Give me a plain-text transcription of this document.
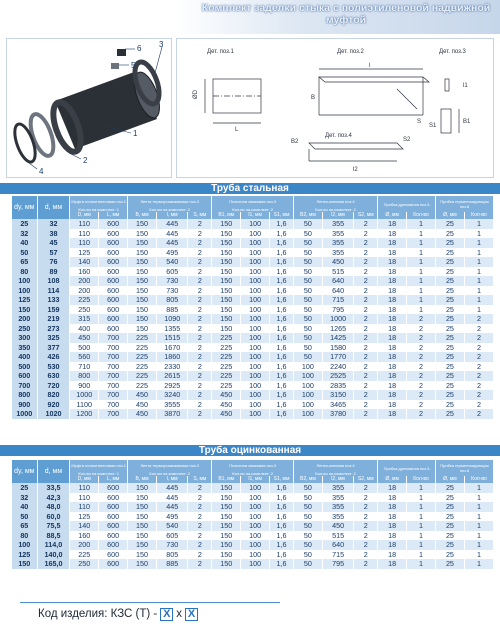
Комплект заделки стыка с полиэтиленовой надвижной муфтой
6
5
3
1
2
4
Дет. поз.1	Дет. поз.2	Дет. поз.3
Дет. поз.4
ØD
L
l
B
S
l1
S1
B1
B2	S2
l2
Труба стальная
dy, мм	d, мм	Муфта полиэтиленовая поз.1		Лента термоусаживаемая поз.2			Пластина замковая поз.3			Лента-клеевая поз.4			Пробка дренажная поз.5		Пробка герметизирующая поз.6	
		Кол-во на комплект: 1		Кол-во на комплект: 2			Кол-во на комплект: 2			Кол-во на комплект: 2						
		D, мм	L, мм	B, мм	l, мм	S, мм	B1, мм	l1, мм	S1, мм	B2, мм	l2, мм	S2, мм	Ø, мм	Кол-во	Ø, мм	Кол-во
25	32	110	600	150	445	2	150	100	1,6	50	355	2	18	1	25	1
32	38	110	600	150	445	2	150	100	1,6	50	355	2	18	1	25	1
40	45	110	600	150	445	2	150	100	1,6	50	355	2	18	1	25	1
50	57	125	600	150	495	2	150	100	1,6	50	355	2	18	1	25	1
65	76	140	600	150	540	2	150	100	1,6	50	450	2	18	1	25	1
80	89	160	600	150	605	2	150	100	1,6	50	515	2	18	1	25	1
100	108	200	600	150	730	2	150	100	1,6	50	640	2	18	1	25	1
100	114	200	600	150	730	2	150	100	1,6	50	640	2	18	1	25	1
125	133	225	600	150	805	2	150	100	1,6	50	715	2	18	1	25	1
150	159	250	600	150	885	2	150	100	1,6	50	795	2	18	1	25	1
200	219	315	600	150	1090	2	150	100	1,6	50	1000	2	18	2	25	2
250	273	400	600	150	1355	2	150	100	1,6	50	1265	2	18	2	25	2
300	325	450	700	225	1515	2	225	100	1,6	50	1425	2	18	2	25	2
350	377	500	700	225	1670	2	225	100	1,6	50	1580	2	18	2	25	2
400	426	560	700	225	1860	2	225	100	1,6	50	1770	2	18	2	25	2
500	530	710	700	225	2330	2	225	100	1,6	100	2240	2	18	2	25	2
600	630	800	700	225	2615	2	225	100	1,6	100	2525	2	18	2	25	2
700	720	900	700	225	2925	2	225	100	1,6	100	2835	2	18	2	25	2
800	820	1000	700	450	3240	2	450	100	1,6	100	3150	2	18	2	25	2
900	920	1100	700	450	3555	2	450	100	1,6	100	3465	2	18	2	25	2
1000	1020	1200	700	450	3870	2	450	100	1,6	100	3780	2	18	2	25	2
Труба оцинкованная
dy, мм	d, мм	Муфта полиэтиленовая поз.1		Лента термоусаживаемая поз.2			Пластина замковая поз.3			Лента-клеевая поз.4			Пробка дренажная поз.5		Пробка герметизирующая поз.6	
		Кол-во на комплект: 1		Кол-во на комплект: 2			Кол-во на комплект: 2			Кол-во на комплект: 2						
		D, мм	L, мм	B, мм	l, мм	S, мм	B1, мм	l1, мм	S1, мм	B2, мм	l2, мм	S2, мм	Ø, мм	Кол-во	Ø, мм	Кол-во
25	33,5	110	600	150	445	2	150	100	1,6	50	355	2	18	1	25	1
32	42,3	110	600	150	445	2	150	100	1,6	50	355	2	18	1	25	1
40	48,0	110	600	150	445	2	150	100	1,6	50	355	2	18	1	25	1
50	60,0	125	600	150	495	2	150	100	1,6	50	355	2	18	1	25	1
65	75,5	140	600	150	540	2	150	100	1,6	50	450	2	18	1	25	1
80	88,5	160	600	150	605	2	150	100	1,6	50	515	2	18	1	25	1
100	114,0	200	600	150	730	2	150	100	1,6	50	640	2	18	1	25	1
125	140,0	225	600	150	805	2	150	100	1,6	50	715	2	18	1	25	1
150	165,0	250	600	150	885	2	150	100	1,6	50	795	2	18	1	25	1
Код изделия: КЗС (Т) - X x X
